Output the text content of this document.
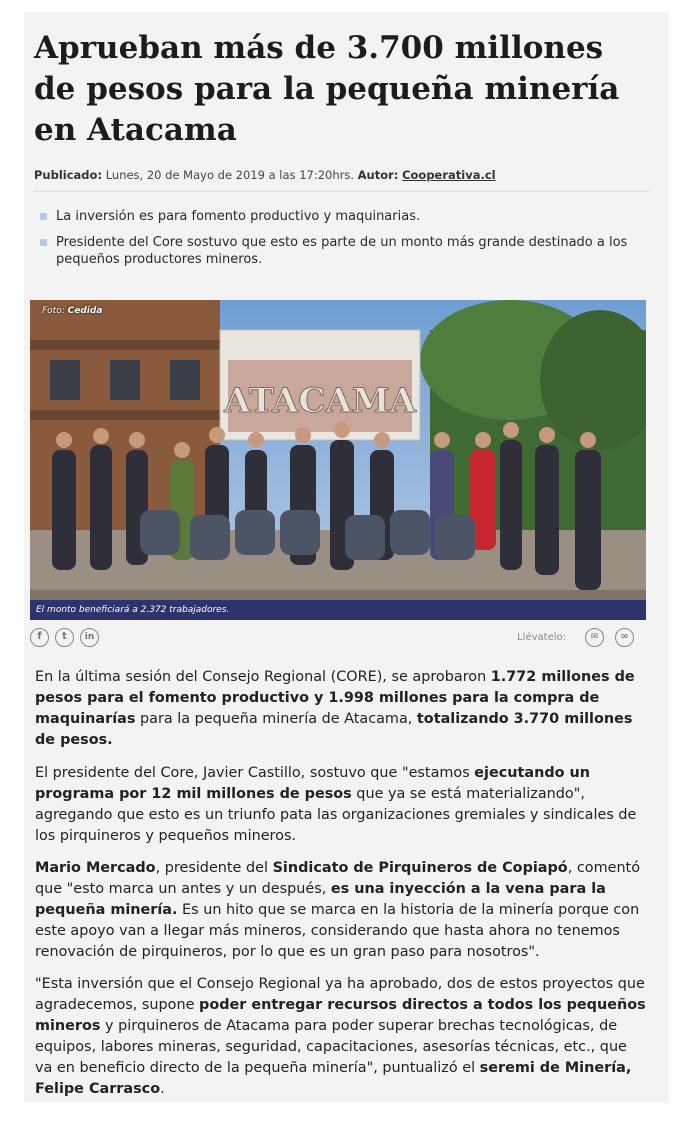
Aprueban más de 3.700 millones de pesos para la pequeña minería en Atacama
Publicado: Lunes, 20 de Mayo de 2019 a las 17:20hrs. Autor: Cooperativa.cl
La inversión es para fomento productivo y maquinarias.
Presidente del Core sostuvo que esto es parte de un monto más grande destinado a los pequeños productores mineros.
ATACAMA
Foto: Cedida
El monto beneficiará a 2.372 trabajadores.
f	t	in	Llévatelo:	✉	∞

En la última sesión del Consejo Regional (CORE), se aprobaron 1.772 millones de pesos para el fomento productivo y 1.998 millones para la compra de maquinarías para la pequeña minería de Atacama, totalizando 3.770 millones de pesos.

El presidente del Core, Javier Castillo, sostuvo que "estamos ejecutando un programa por 12 mil millones de pesos que ya se está materializando", agregando que esto es un triunfo pata las organizaciones gremiales y sindicales de los pirquineros y pequeños mineros.

Mario Mercado, presidente del Sindicato de Pirquineros de Copiapó, comentó que "esto marca un antes y un después, es una inyección a la vena para la pequeña minería. Es un hito que se marca en la historia de la minería porque con este apoyo van a llegar más mineros, considerando que hasta ahora no tenemos renovación de pirquineros, por lo que es un gran paso para nosotros".

"Esta inversión que el Consejo Regional ya ha aprobado, dos de estos proyectos que agradecemos, supone poder entregar recursos directos a todos los pequeños mineros y pirquineros de Atacama para poder superar brechas tecnológicas, de equipos, labores mineras, seguridad, capacitaciones, asesorías técnicas, etc., que va en beneficio directo de la pequeña minería", puntualizó el seremi de Minería, Felipe Carrasco.
